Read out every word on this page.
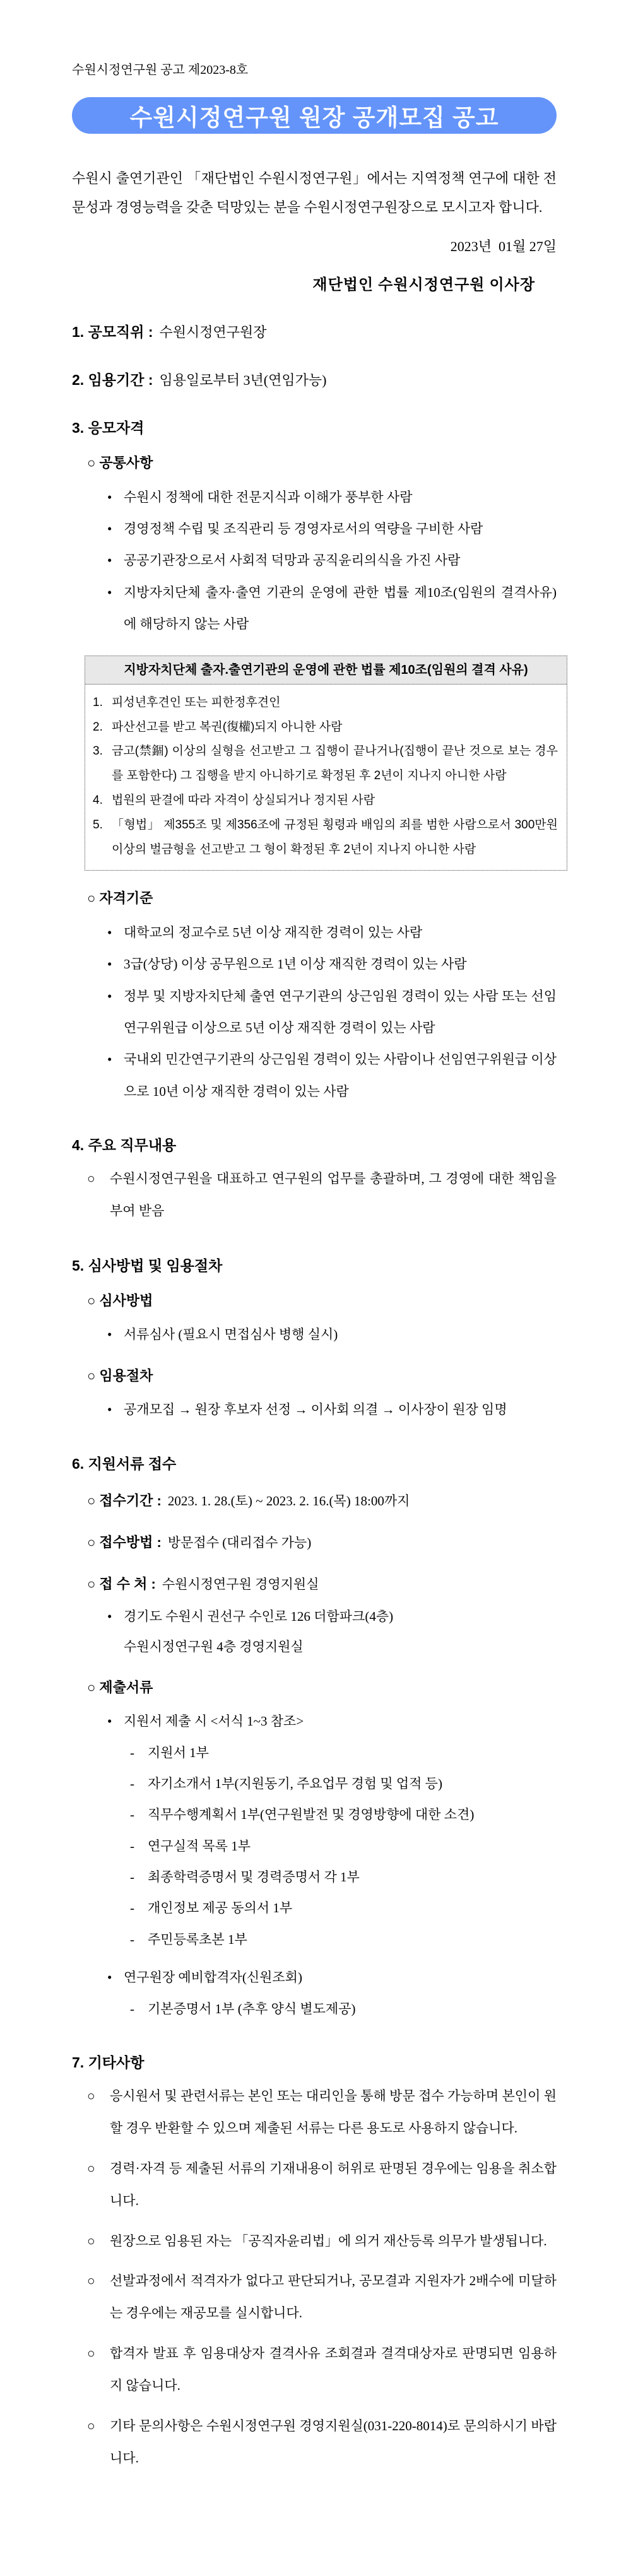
수원시정연구원 공고 제2023-8호
수원시정연구원 원장 공개모집 공고

수원시 출연기관인 「재단법인 수원시정연구원」에서는 지역정책 연구에 대한 전문성과 경영능력을 갖춘 덕망있는 분을 수원시정연구원장으로 모시고자 합니다.

2023년  01월 27일
재단법인 수원시정연구원 이사장
1. 공모직위 : 수원시정연구원장
2. 임용기간 : 임용일로부터 3년(연임가능)
3. 응모자격
○ 공통사항
• 수원시 정책에 대한 전문지식과 이해가 풍부한 사람
• 경영정책 수립 및 조직관리 등 경영자로서의 역량을 구비한 사람
• 공공기관장으로서 사회적 덕망과 공직윤리의식을 가진 사람
• 지방자치단체 출자·출연 기관의 운영에 관한 법률 제10조(임원의 결격사유)에 해당하지 않는 사람
지방자치단체 출자.출연기관의 운영에 관한 법률 제10조(임원의 결격 사유)
1. 피성년후견인 또는 피한정후견인
2. 파산선고를 받고 복권(復權)되지 아니한 사람
3. 금고(禁錮) 이상의 실형을 선고받고 그 집행이 끝나거나(집행이 끝난 것으로 보는 경우를 포함한다) 그 집행을 받지 아니하기로 확정된 후 2년이 지나지 아니한 사람
4. 법원의 판결에 따라 자격이 상실되거나 정지된 사람
5. 「형법」 제355조 및 제356조에 규정된 횡령과 배임의 죄를 범한 사람으로서 300만원 이상의 벌금형을 선고받고 그 형이 확정된 후 2년이 지나지 아니한 사람
○ 자격기준
• 대학교의 정교수로 5년 이상 재직한 경력이 있는 사람
• 3급(상당) 이상 공무원으로 1년 이상 재직한 경력이 있는 사람
• 정부 및 지방자치단체 출연 연구기관의 상근임원 경력이 있는 사람 또는 선임연구위원급 이상으로 5년 이상 재직한 경력이 있는 사람
• 국내외 민간연구기관의 상근임원 경력이 있는 사람이나 선임연구위원급 이상으로 10년 이상 재직한 경력이 있는 사람
4. 주요 직무내용
○	수원시정연구원을 대표하고 연구원의 업무를 총괄하며, 그 경영에 대한 책임을 부여 받음
5. 심사방법 및 임용절차
○ 심사방법
• 서류심사 (필요시 면접심사 병행 실시)
○ 임용절차
• 공개모집 → 원장 후보자 선정 → 이사회 의결 → 이사장이 원장 임명
6. 지원서류 접수
○ 접수기간 : 2023. 1. 28.(토) ~ 2023. 2. 16.(목) 18:00까지
○ 접수방법 : 방문접수 (대리접수 가능)
○ 접 수 처 : 수원시정연구원 경영지원실
• 경기도 수원시 권선구 수인로 126 더함파크(4층)
수원시정연구원 4층 경영지원실
○ 제출서류
• 지원서 제출 시 <서식 1~3 참조>
-	지원서 1부
-	자기소개서 1부(지원동기, 주요업무 경험 및 업적 등)
-	직무수행계획서 1부(연구원발전 및 경영방향에 대한 소견)
-	연구실적 목록 1부
-	최종학력증명서 및 경력증명서 각 1부
-	개인정보 제공 동의서 1부
-	주민등록초본 1부
• 연구원장 예비합격자(신원조회)
-	기본증명서 1부 (추후 양식 별도제공)
7. 기타사항
○	응시원서 및 관련서류는 본인 또는 대리인을 통해 방문 접수 가능하며 본인이 원할 경우 반환할 수 있으며 제출된 서류는 다른 용도로 사용하지 않습니다.
○	경력·자격 등 제출된 서류의 기재내용이 허위로 판명된 경우에는 임용을 취소합니다.
○	원장으로 임용된 자는 「공직자윤리법」에 의거 재산등록 의무가 발생됩니다.
○	선발과정에서 적격자가 없다고 판단되거나, 공모결과 지원자가 2배수에 미달하는 경우에는 재공모를 실시합니다.
○	합격자 발표 후 임용대상자 결격사유 조회결과 결격대상자로 판명되면 임용하지 않습니다.
○	기타 문의사항은 수원시정연구원 경영지원실(031-220-8014)로 문의하시기 바랍니다.
